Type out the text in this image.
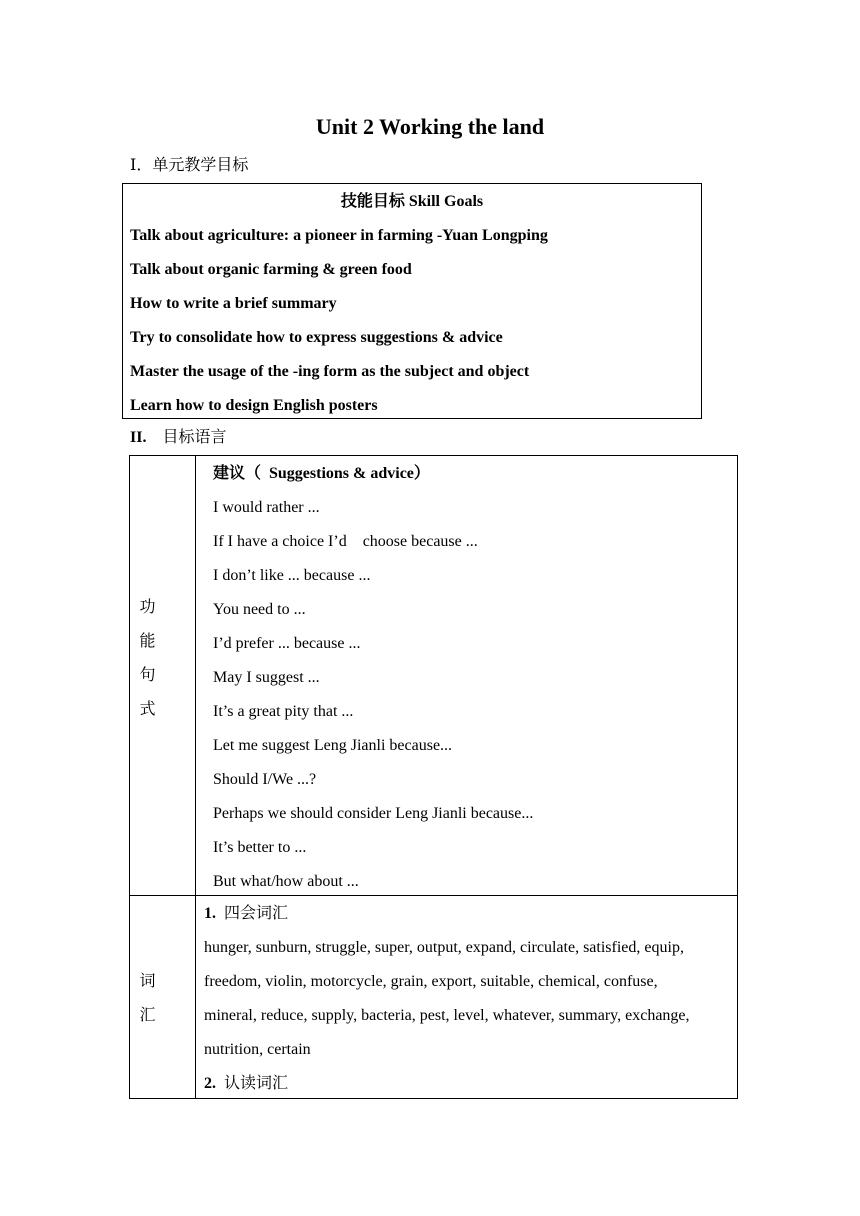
Unit 2 Working the land
Ⅰ．单元教学目标
技能目标 Skill Goals
Talk about agriculture: a pioneer in farming -Yuan Longping
Talk about organic farming & green food
How to write a brief summary
Try to consolidate how to express suggestions & advice
Master the usage of the -ing form as the subject and object
Learn how to design English posters
II. 目标语言
功
能
句
式
建议（  Suggestions & advice）
I would rather ...
If I have a choice I’d    choose because ...
I don’t like ... because ...
You need to ...
I’d prefer ... because ...
May I suggest ...
It’s a great pity that ...
Let me suggest Leng Jianli because...
Should I/We ...?
Perhaps we should consider Leng Jianli because...
It’s better to ...
But what/how about ...
词
汇
1. 四会词汇
hunger, sunburn, struggle, super, output, expand, circulate, satisfied, equip,
freedom, violin, motorcycle, grain, export, suitable, chemical, confuse,
mineral, reduce, supply, bacteria, pest, level, whatever, summary, exchange,
nutrition, certain
2. 认读词汇
